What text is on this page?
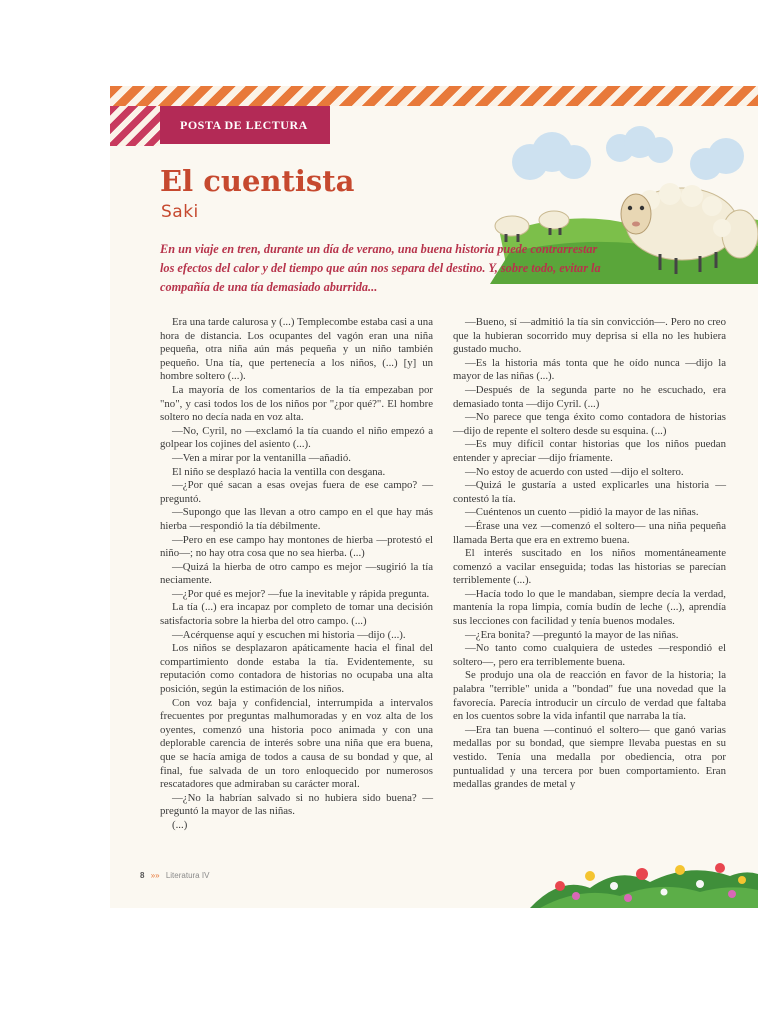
POSTA DE LECTURA
El cuentista
Saki
En un viaje en tren, durante un día de verano, una buena historia puede contrarrestar los efectos del calor y del tiempo que aún nos separa del destino. Y, sobre todo, evitar la compañía de una tía demasiado aburrida...

Era una tarde calurosa y (...) Templecombe estaba casi a una hora de distancia. Los ocupantes del vagón eran una niña pequeña, otra niña aún más pequeña y un niño también pequeño. Una tía, que pertenecía a los niños, (...) [y] un hombre soltero (...).

La mayoría de los comentarios de la tía empezaban por "no", y casi todos los de los niños por "¿por qué?". El hombre soltero no decía nada en voz alta.

—No, Cyril, no —exclamó la tía cuando el niño empezó a golpear los cojines del asiento (...).

—Ven a mirar por la ventanilla —añadió.

El niño se desplazó hacia la ventilla con desgana.

—¿Por qué sacan a esas ovejas fuera de ese campo? —preguntó.

—Supongo que las llevan a otro campo en el que hay más hierba —respondió la tía débilmente.

—Pero en ese campo hay montones de hierba —protestó el niño—; no hay otra cosa que no sea hierba. (...)

—Quizá la hierba de otro campo es mejor —sugirió la tía neciamente.

—¿Por qué es mejor? —fue la inevitable y rápida pregunta.

La tía (...) era incapaz por completo de tomar una decisión satisfactoria sobre la hierba del otro campo. (...)

—Acérquense aquí y escuchen mi historia —dijo (...).

Los niños se desplazaron apáticamente hacia el final del compartimiento donde estaba la tía. Evidentemente, su reputación como contadora de historias no ocupaba una alta posición, según la estimación de los niños.

Con voz baja y confidencial, interrumpida a intervalos frecuentes por preguntas malhumoradas y en voz alta de los oyentes, comenzó una historia poco animada y con una deplorable carencia de interés sobre una niña que era buena, que se hacía amiga de todos a causa de su bondad y que, al final, fue salvada de un toro enloquecido por numerosos rescatadores que admiraban su carácter moral.

—¿No la habrían salvado si no hubiera sido buena? —preguntó la mayor de las niñas.

(...)

—Bueno, sí —admitió la tía sin convicción—. Pero no creo que la hubieran socorrido muy deprisa si ella no les hubiera gustado mucho.

—Es la historia más tonta que he oído nunca —dijo la mayor de las niñas (...).

—Después de la segunda parte no he escuchado, era demasiado tonta —dijo Cyril. (...)

—No parece que tenga éxito como contadora de historias —dijo de repente el soltero desde su esquina. (...)

—Es muy difícil contar historias que los niños puedan entender y apreciar —dijo fríamente.

—No estoy de acuerdo con usted —dijo el soltero.

—Quizá le gustaría a usted explicarles una historia —contestó la tía.

—Cuéntenos un cuento —pidió la mayor de las niñas.

—Érase una vez —comenzó el soltero— una niña pequeña llamada Berta que era en extremo buena.

El interés suscitado en los niños momentáneamente comenzó a vacilar enseguida; todas las historias se parecían terriblemente (...).

—Hacía todo lo que le mandaban, siempre decía la verdad, mantenía la ropa limpia, comía budín de leche (...), aprendía sus lecciones con facilidad y tenía buenos modales.

—¿Era bonita? —preguntó la mayor de las niñas.

—No tanto como cualquiera de ustedes —respondió el soltero—, pero era terriblemente buena.

Se produjo una ola de reacción en favor de la historia; la palabra "terrible" unida a "bondad" fue una novedad que la favorecía. Parecía introducir un círculo de verdad que faltaba en los cuentos sobre la vida infantil que narraba la tía.

—Era tan buena —continuó el soltero— que ganó varias medallas por su bondad, que siempre llevaba puestas en su vestido. Tenía una medalla por obediencia, otra por puntualidad y una tercera por buen comportamiento. Eran medallas grandes de metal y

8 »» Literatura IV
